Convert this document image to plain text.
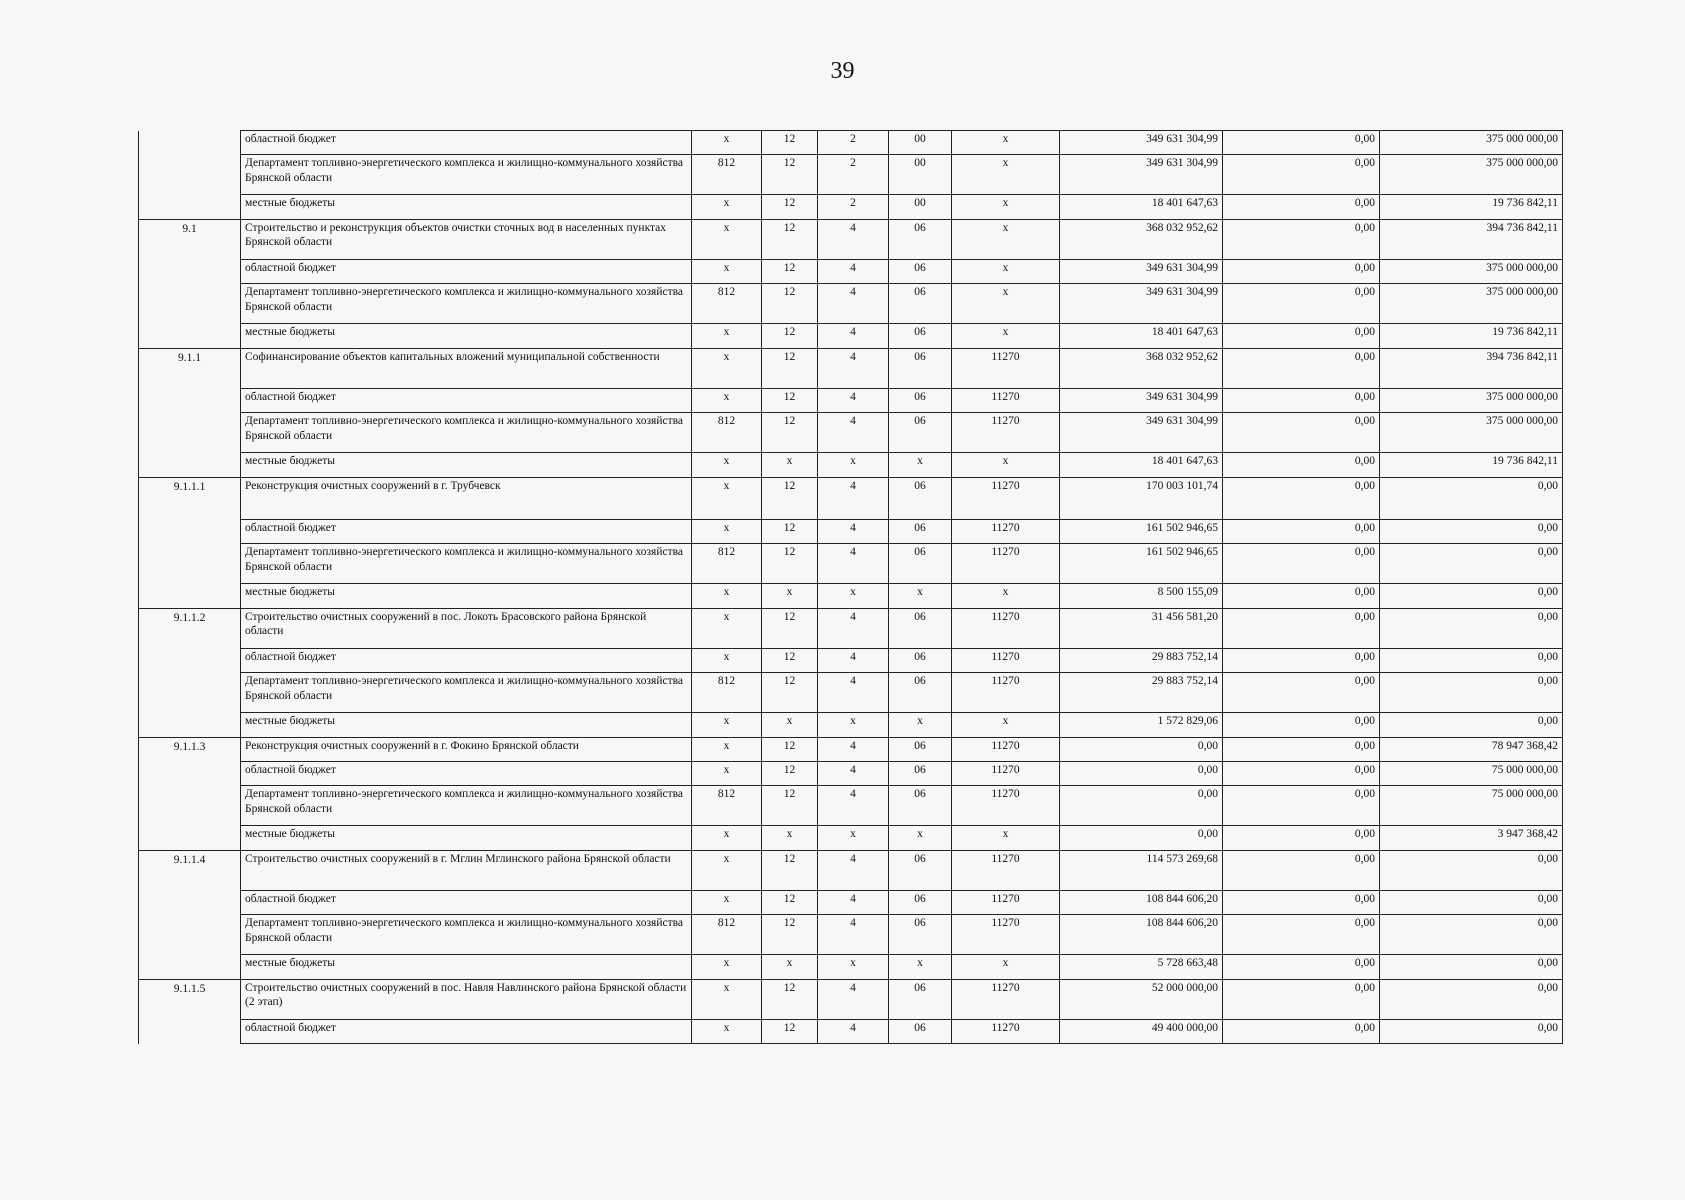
39
	областной бюджет	x	12	2	00	x	349 631 304,99	0,00	375 000 000,00
	Департамент топливно-энергетического комплекса и жилищно-коммунального хозяйства Брянской области	812	12	2	00	x	349 631 304,99	0,00	375 000 000,00
	местные бюджеты	x	12	2	00	x	18 401 647,63	0,00	19 736 842,11
9.1	Строительство и реконструкция объектов очистки сточных вод в населенных пунктах Брянской области	x	12	4	06	x	368 032 952,62	0,00	394 736 842,11
	областной бюджет	x	12	4	06	x	349 631 304,99	0,00	375 000 000,00
	Департамент топливно-энергетического комплекса и жилищно-коммунального хозяйства Брянской области	812	12	4	06	x	349 631 304,99	0,00	375 000 000,00
	местные бюджеты	x	12	4	06	x	18 401 647,63	0,00	19 736 842,11
9.1.1	Софинансирование объектов капитальных вложений муниципальной собственности	x	12	4	06	11270	368 032 952,62	0,00	394 736 842,11
	областной бюджет	x	12	4	06	11270	349 631 304,99	0,00	375 000 000,00
	Департамент топливно-энергетического комплекса и жилищно-коммунального хозяйства Брянской области	812	12	4	06	11270	349 631 304,99	0,00	375 000 000,00
	местные бюджеты	x	x	x	x	x	18 401 647,63	0,00	19 736 842,11
9.1.1.1	Реконструкция очистных сооружений в г. Трубчевск	x	12	4	06	11270	170 003 101,74	0,00	0,00
	областной бюджет	x	12	4	06	11270	161 502 946,65	0,00	0,00
	Департамент топливно-энергетического комплекса и жилищно-коммунального хозяйства Брянской области	812	12	4	06	11270	161 502 946,65	0,00	0,00
	местные бюджеты	x	x	x	x	x	8 500 155,09	0,00	0,00
9.1.1.2	Строительство очистных сооружений в пос. Локоть Брасовского района Брянской области	x	12	4	06	11270	31 456 581,20	0,00	0,00
	областной бюджет	x	12	4	06	11270	29 883 752,14	0,00	0,00
	Департамент топливно-энергетического комплекса и жилищно-коммунального хозяйства Брянской области	812	12	4	06	11270	29 883 752,14	0,00	0,00
	местные бюджеты	x	x	x	x	x	1 572 829,06	0,00	0,00
9.1.1.3	Реконструкция очистных сооружений в г. Фокино Брянской области	x	12	4	06	11270	0,00	0,00	78 947 368,42
	областной бюджет	x	12	4	06	11270	0,00	0,00	75 000 000,00
	Департамент топливно-энергетического комплекса и жилищно-коммунального хозяйства Брянской области	812	12	4	06	11270	0,00	0,00	75 000 000,00
	местные бюджеты	x	x	x	x	x	0,00	0,00	3 947 368,42
9.1.1.4	Строительство очистных сооружений в г. Мглин Мглинского района Брянской области	x	12	4	06	11270	114 573 269,68	0,00	0,00
	областной бюджет	x	12	4	06	11270	108 844 606,20	0,00	0,00
	Департамент топливно-энергетического комплекса и жилищно-коммунального хозяйства Брянской области	812	12	4	06	11270	108 844 606,20	0,00	0,00
	местные бюджеты	x	x	x	x	x	5 728 663,48	0,00	0,00
9.1.1.5	Строительство очистных сооружений в пос. Навля Навлинского района Брянской области (2 этап)	x	12	4	06	11270	52 000 000,00	0,00	0,00
	областной бюджет	x	12	4	06	11270	49 400 000,00	0,00	0,00
